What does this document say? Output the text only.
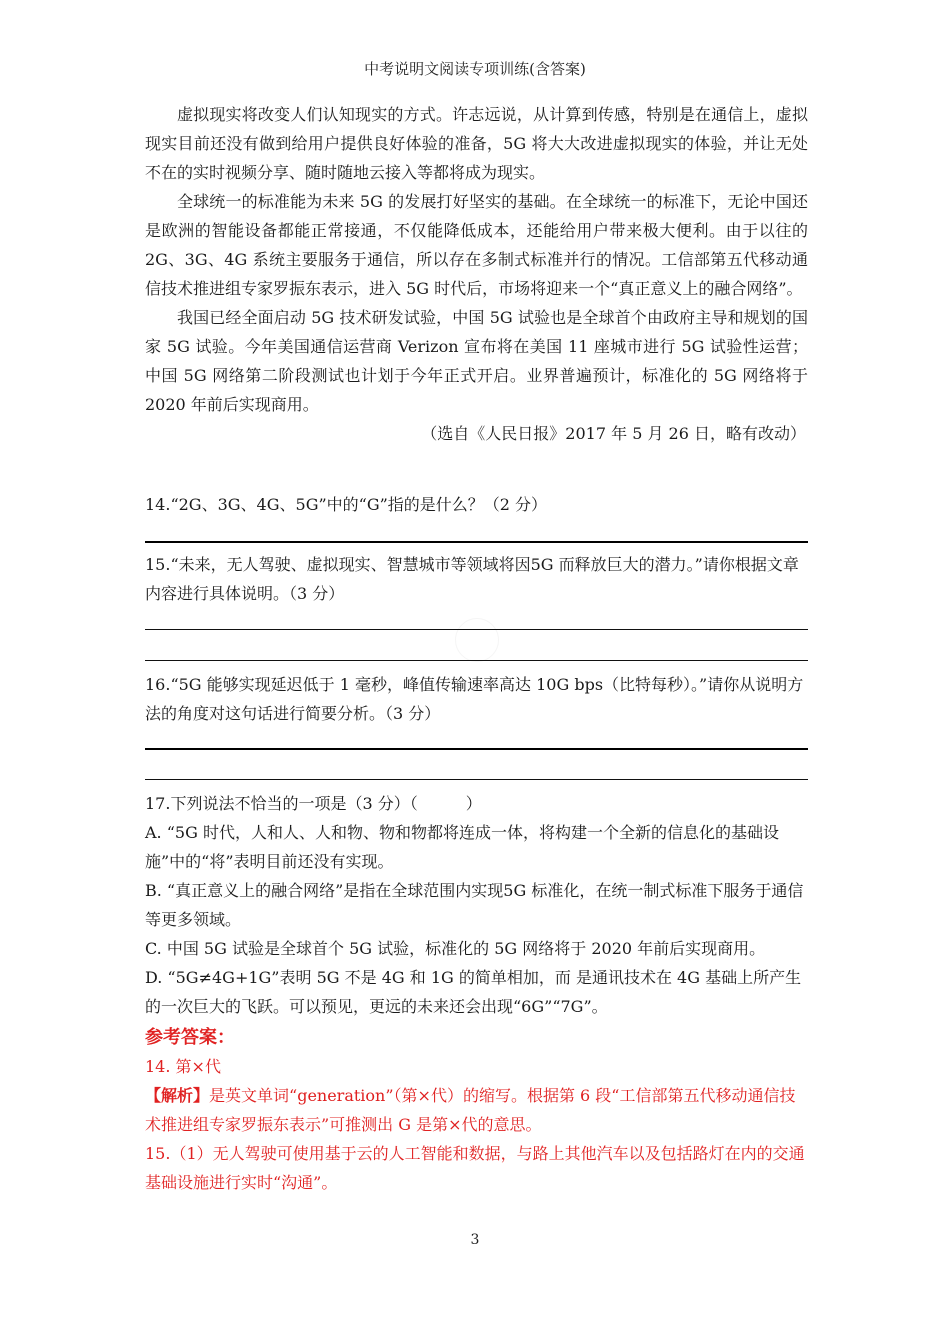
中考说明文阅读专项训练(含答案)

虚拟现实将改变人们认知现实的方式。许志远说，从计算到传感，特别是在通信上，虚拟现实目前还没有做到给用户提供良好体验的准备，5G 将大大改进虚拟现实的体验，并让无处不在的实时视频分享、随时随地云接入等都将成为现实。

全球统一的标准能为未来 5G 的发展打好坚实的基础。在全球统一的标准下，无论中国还是欧洲的智能设备都能正常接通，不仅能降低成本，还能给用户带来极大便利。由于以往的 2G、3G、4G 系统主要服务于通信，所以存在多制式标准并行的情况。工信部第五代移动通信技术推进组专家罗振东表示，进入 5G 时代后，市场将迎来一个“真正意义上的融合网络”。

我国已经全面启动 5G 技术研发试验，中国 5G 试验也是全球首个由政府主导和规划的国家 5G 试验。今年美国通信运营商 Verizon 宣布将在美国 11 座城市进行 5G 试验性运营；中国 5G 网络第二阶段测试也计划于今年正式开启。业界普遍预计，标准化的 5G 网络将于 2020 年前后实现商用。

（选自《人民日报》2017 年 5 月 26 日，略有改动）

14.“2G、3G、4G、5G”中的“G”指的是什么？（2 分）

15.“未来，无人驾驶、虚拟现实、智慧城市等领域将因5G 而释放巨大的潜力。”请你根据文章内容进行具体说明。（3 分）

16.“5G 能够实现延迟低于 1 毫秒，峰值传输速率高达 10G bps（比特每秒）。”请你从说明方法的角度对这句话进行简要分析。（3 分）

17.下列说法不恰当的一项是（3 分）（　　　）

A. “5G 时代，人和人、人和物、物和物都将连成一体，将构建一个全新的信息化的基础设施”中的“将”表明目前还没有实现。

B. “真正意义上的融合网络”是指在全球范围内实现5G 标准化，在统一制式标准下服务于通信等更多领域。

C. 中国 5G 试验是全球首个 5G 试验，标准化的 5G 网络将于 2020 年前后实现商用。

D. “5G≠4G+1G”表明 5G 不是 4G 和 1G 的简单相加，而 是通讯技术在 4G 基础上所产生的一次巨大的飞跃。可以预见，更远的未来还会出现“6G”“7G”。

参考答案：

14. 第×代

【解析】是英文单词“generation”（第×代）的缩写。根据第 6 段“工信部第五代移动通信技术推进组专家罗振东表示”可推测出 G 是第×代的意思。

15.（1）无人驾驶可使用基于云的人工智能和数据，与路上其他汽车以及包括路灯在内的交通基础设施进行实时“沟通”。

3
